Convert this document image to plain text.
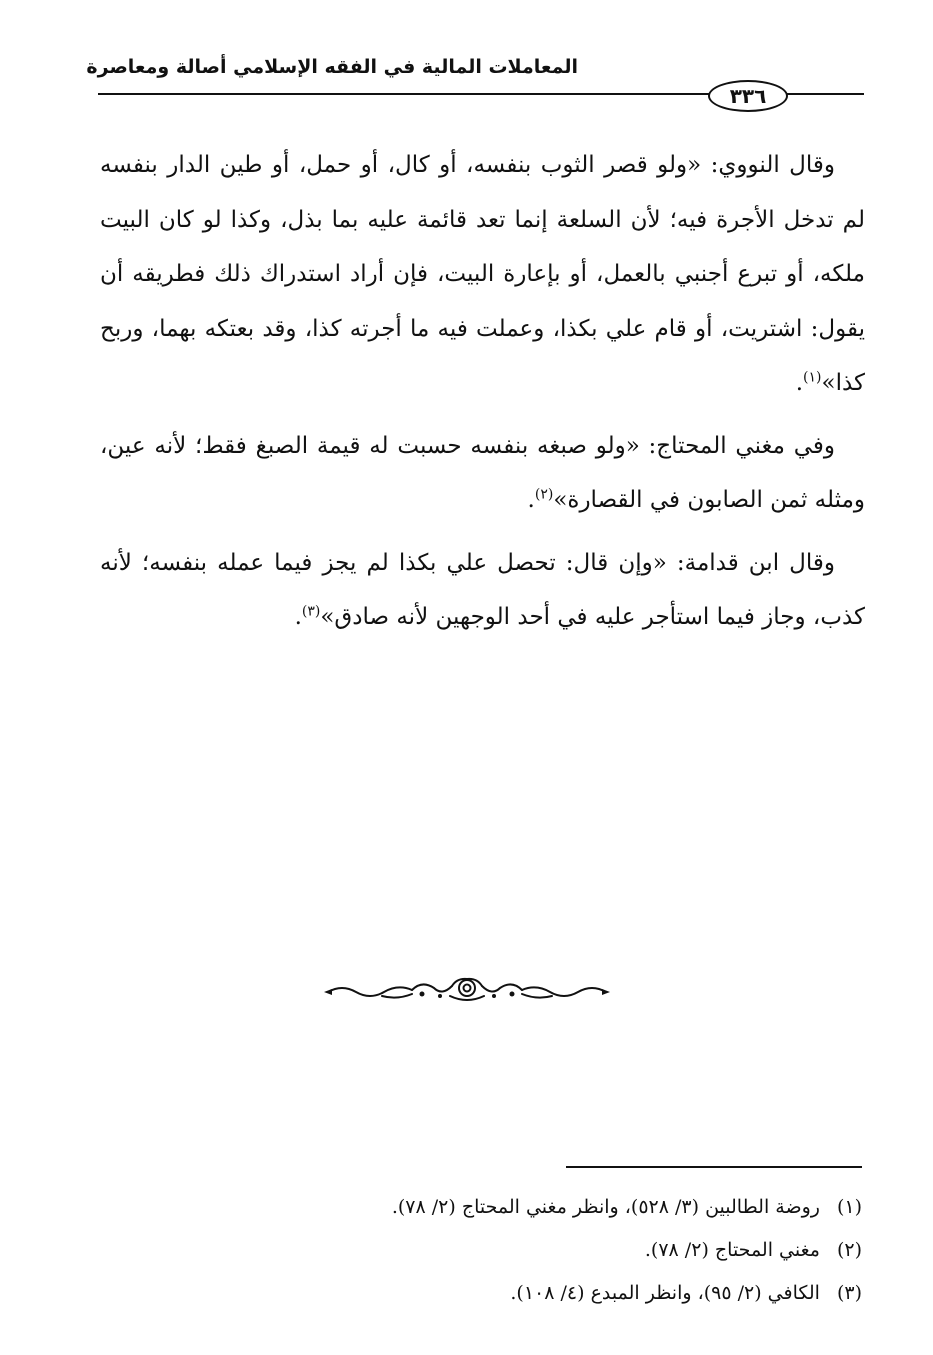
المعاملات المالية في الفقه الإسلامي أصالة ومعاصرة
٣٣٦

وقال النووي: «ولو قصر الثوب بنفسه، أو كال، أو حمل، أو طين الدار بنفسه لم تدخل الأجرة فيه؛ لأن السلعة إنما تعد قائمة عليه بما بذل، وكذا لو كان البيت ملكه، أو تبرع أجنبي بالعمل، أو بإعارة البيت، فإن أراد استدراك ذلك فطريقه أن يقول: اشتريت، أو قام علي بكذا، وعملت فيه ما أجرته كذا، وقد بعتكه بهما، وربح كذا»$^{(١)}$.

وفي مغني المحتاج: «ولو صبغه بنفسه حسبت له قيمة الصبغ فقط؛ لأنه عين، ومثله ثمن الصابون في القصارة»$^{(٢)}$.

وقال ابن قدامة: «وإن قال: تحصل علي بكذا لم يجز فيما عمله بنفسه؛ لأنه كذب، وجاز فيما استأجر عليه في أحد الوجهين لأنه صادق»$^{(٣)}$.

(١) روضة الطالبين (٣/ ٥٢٨)، وانظر مغني المحتاج (٢/ ٧٨).
(٢) مغني المحتاج (٢/ ٧٨).
(٣) الكافي (٢/ ٩٥)، وانظر المبدع (٤/ ١٠٨).
